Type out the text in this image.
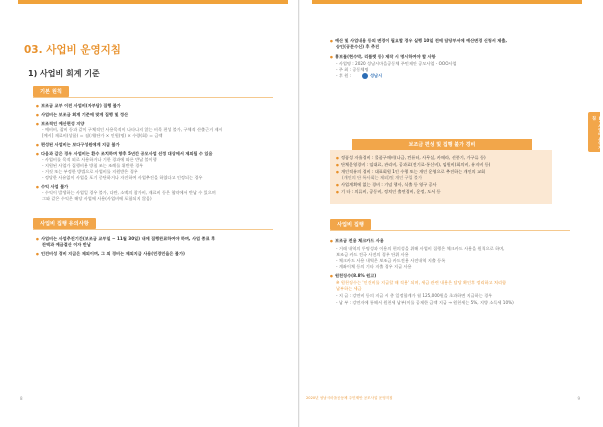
03. 사업비 운영지침
1) 사업비 회계 기준
기본 원칙
● 보조금 교부 이전 사업비(자부담) 집행 불가
● 사업비는 보조금 회계 기준에 맞게 집행 및 정산
● 보조적인 예산편성 지양
- 예비비, 잡비 등과 같이 구체적인 사용목적이 나타나지 않는 비목 편성 불가, 구체적 산출근거 제시
[예시] 재료비(상품) ＝ 짐(개)단가 × 인원(명) × 수량(회) ＝ 금액
● 편성된 사업비는 보다구성원에게 지급 불가
● 다음과 같은 경우 사업비는 환수 조치하며 향후 5년간 공모사업 선정 대상에서 제외될 수 있음
- 사업비를 목적 외로 사용하거나 기한 경과에 따른 반납 불이행
- 지원된 사업가 집행비용 방침 조는 조례를 위반한 경우
- 거짓 또는 부정한 방법으로 사업비를 지원받은 경우
- 정당한 사유없이 사업을 포기 중단하거나 자진하여 사업추진을 하였다고 인정되는 경우
● 수익 사업 불가
- 수익이 발생하는 사업일 경우 불가, 다만, 소액의 참가비, 재료비 등은 협약에서 반납 수 있으며
그와 같은 수익은 해당 사업에 사용(사업비에 포함되지 않음)
사업비 집행 유의사항
● 사업비는 사업추진기간(보조금 교부일 ~ 11월 30일) 내에 집행완료하여야 하며, 사업 종료 후
잔액과 예금결산 이자 반납
● 인건비성 경비 지급은 제외이며, 그 외 경비는 제외지급 사용(민경민을은 불가)
8
● 예산 및 사업내용 등의 변경이 필요할 경우 실행 10일 전에 담당부서에 예산변경 신청서 제출,
승인(공문수신) 후 추진
● 홍보물(현수막, 리플렛 등) 제작 시 명시하여야 할 사항
- 사업명 : 2020 성남시마을공동체 주민제안 공모사업 - OOO사업
- 주 최 : 공동체명
- 후 원 :	성남시
Ⅲ. 사업비 운영지침
보조금 편성 및 집행 불가 경비
● 정품성 자율경비 : 물품구매비(나금, 컨퓨터, 사무실, 카메라, 선풍기, 가구류 등)
● 단체운영경비 : 임대료, 관리비, 공과료(전기료·통신비), 임원비(회의비, 유지비 등)
● 개인적유의 경비 : 대표회원 1인 수행 또는 개인 운영으로 추진하는 개인의 교회
(개인의 단 특사회는 제외)및 개인 구입 불가
● 사업계획에 없는 경비 : 기념 행사, 식출 등 영구 공사
● 기 타 : 의류비, 공동비, 정치인 출연경비, 운정, 도서 등
사업비 집행
● 보조금 전용 체크카드 사용
- 거래 내역의 투명성과 이용의 편의성을 위해 사업비 집행은 체크카드 사용을 원칙으로 하며,
보조금 카드 전국 사전의 경우 단위 사용
- 체크카드 사용 내역은 보조금 카드전용 사전내역 지출 등록
- 계좌이체 등의 기타 지출 경우 지급 사용
● 원천징수(8.8% 원고)
※ 원천징수는 '인건비를 지급할 때 적용' 되며, 세금 관련 내용은 담당 확인후 정리하고 처리함
납부하는 세금
- 지 급 : 강연비 등의 지급 시 총 일정합계가 월 125,000원을 초과하면 지급하는 경우
- 납 부 : 강연자에 통해서 원천세 납부(이를 공제한 금액 지급 → 원천세는 5%, 지방 소득세 10%)
2020년 성남시마을공동체 주민제안 공모사업 운영지침	9
